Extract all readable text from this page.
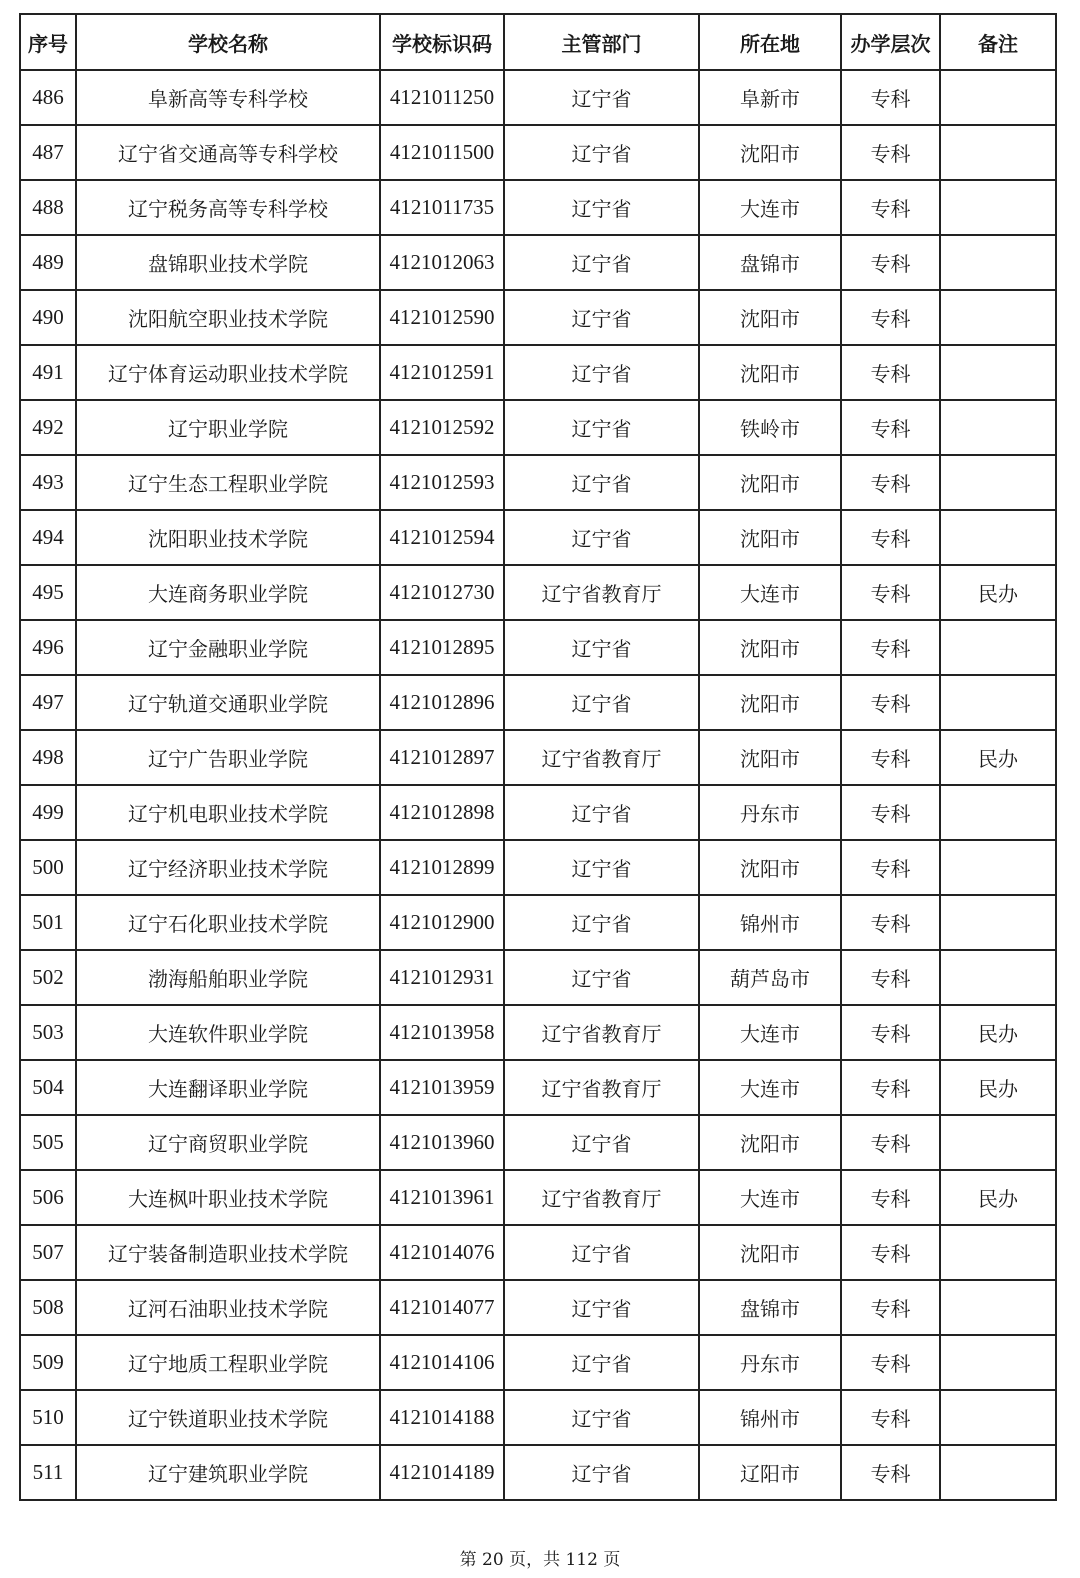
序号	学校名称	学校标识码	主管部门	所在地	办学层次	备注
486	阜新高等专科学校	4121011250	辽宁省	阜新市	专科	
487	辽宁省交通高等专科学校	4121011500	辽宁省	沈阳市	专科	
488	辽宁税务高等专科学校	4121011735	辽宁省	大连市	专科	
489	盘锦职业技术学院	4121012063	辽宁省	盘锦市	专科	
490	沈阳航空职业技术学院	4121012590	辽宁省	沈阳市	专科	
491	辽宁体育运动职业技术学院	4121012591	辽宁省	沈阳市	专科	
492	辽宁职业学院	4121012592	辽宁省	铁岭市	专科	
493	辽宁生态工程职业学院	4121012593	辽宁省	沈阳市	专科	
494	沈阳职业技术学院	4121012594	辽宁省	沈阳市	专科	
495	大连商务职业学院	4121012730	辽宁省教育厅	大连市	专科	民办
496	辽宁金融职业学院	4121012895	辽宁省	沈阳市	专科	
497	辽宁轨道交通职业学院	4121012896	辽宁省	沈阳市	专科	
498	辽宁广告职业学院	4121012897	辽宁省教育厅	沈阳市	专科	民办
499	辽宁机电职业技术学院	4121012898	辽宁省	丹东市	专科	
500	辽宁经济职业技术学院	4121012899	辽宁省	沈阳市	专科	
501	辽宁石化职业技术学院	4121012900	辽宁省	锦州市	专科	
502	渤海船舶职业学院	4121012931	辽宁省	葫芦岛市	专科	
503	大连软件职业学院	4121013958	辽宁省教育厅	大连市	专科	民办
504	大连翻译职业学院	4121013959	辽宁省教育厅	大连市	专科	民办
505	辽宁商贸职业学院	4121013960	辽宁省	沈阳市	专科	
506	大连枫叶职业技术学院	4121013961	辽宁省教育厅	大连市	专科	民办
507	辽宁装备制造职业技术学院	4121014076	辽宁省	沈阳市	专科	
508	辽河石油职业技术学院	4121014077	辽宁省	盘锦市	专科	
509	辽宁地质工程职业学院	4121014106	辽宁省	丹东市	专科	
510	辽宁铁道职业技术学院	4121014188	辽宁省	锦州市	专科	
511	辽宁建筑职业学院	4121014189	辽宁省	辽阳市	专科	
第 20 页，共 112 页
